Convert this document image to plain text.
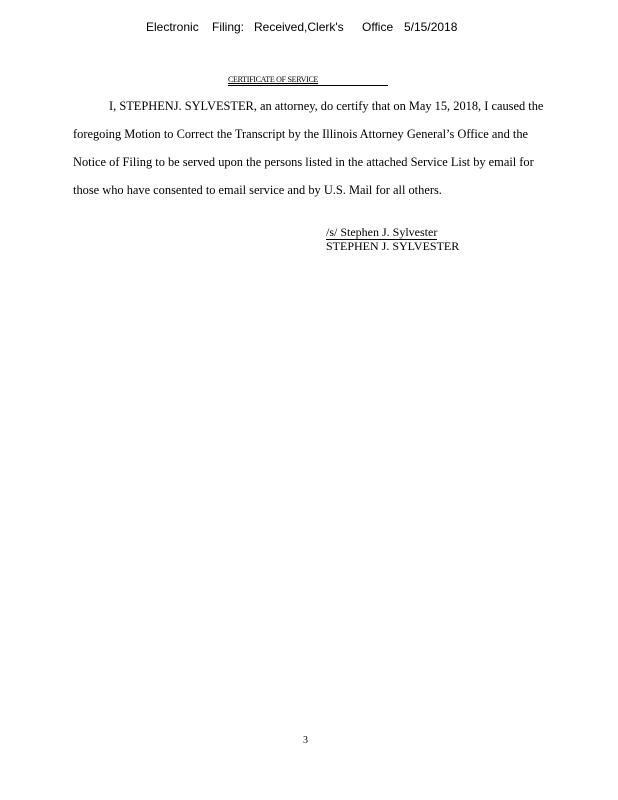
Electronic Filing: Received,Clerk's Office 5/15/2018
CERTIFICATE OF SERVICE
I, STEPHENJ. SYLVESTER, an attorney, do certify that on May 15, 2018, I caused the
foregoing Motion to Correct the Transcript by the Illinois Attorney General’s Office and the
Notice of Filing to be served upon the persons listed in the attached Service List by email for
those who have consented to email service and by U.S. Mail for all others.
/s/ Stephen J. Sylvester
STEPHEN J. SYLVESTER
3
